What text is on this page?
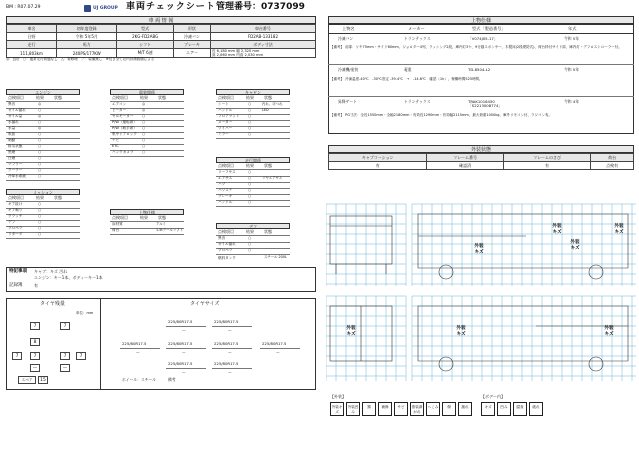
BM : R07.07.29	UJ GROUP 車両チェックシート 管理番号：0737099
車 両 情 報
車名	初年度登録	型式	形状	車台番号
日野	令和 5年5月	2KG-FD2ABG	冷凍バン	FD2AB-133182
走行	馬力	シフト	ブレーキ	ボディ寸法
111,803km	240PS/177KW	M/T 6速	エアー	長 6,180 mm 幅 2,320 mm
高 2,060 mm 内高 2,030 mm
◎：良好　○：通常走行問題なし　△：要修理　／：装備無し　※長さ全て社内計測数値による
エンジン
点検項目	結果	状態
異音	◎
オイル漏れ	○
オイル量	◎
水漏れ	○
水量	◎
吹抜	○
始動	○
排気状態	○
黒煙	○
白煙	○
マフラー	○
クーラー	○
冷却水系統	○
電装関係
点検項目	結果	状態
エアコン	◎
ヒーター	◎
セルモーター ○
P/W（運転席） ○
P/W（助手席） ○
集中ドアロック ○
ナビ	○
ETC	○
バックカメラ ○
キャビン
点検項目	結果	状態
シート	○	汚れ、ほつれ
ハンドル	○	LED
フロアマット ○
メーター	○
ワイパー	○
ミラー	○
ミッション
点検項目	結果	状態
ギア抜け	○
ギア鳴り	○
クラッチ	○
デフ	○
プロペラ	○
リターダ	○
走行関係
点検項目	結果	状態
リーフサス	○
エアサス	○	リヤエアサス
ハブ	○
パワステ	○
ブレーキ	○
ハンドル	○
上物仕様
点検項目	結果	状態
床材質	アルミ
荷台	1.5tテールリフト
デフ
点検項目	結果	状態
異音	○
オイル漏れ	○
プロペラ	○
燃料タンク	スチール 200L
特記事項 キャブ：キズ 汚れ
エンジン：キー1本、ボディーキー1本
記録簿	有
タイヤ残量
単位：mm
7	7
8
7	7	7	7
—	—
スペア	15
タイヤサイズ
225/80R17.5
—
225/80R17.5
—
225/80R17.5
—
225/80R17.5
—
225/80R17.5
—
225/80R17.5
—
225/80R17.5
—
225/80R17.5
—
ホイール：スチール	備考
上物仕様
上物名	メーカー	型式「製造番号」	年式
冷凍バン	トランテックス	「V074J05-17」	令和 5年
【備考】 前扉：リヤ75mm・サイド60mm、ジョロダー4列、ラッシング2段、庫内灯3ケ、9分割スポンサー、木製床(2段堤防式)、荷台枠付サイド扉、庫内灯・デフロストローラー付。
冷凍機/塗装	菱重	TD-8504-L2	令和 5年
【備考】 冷凍温度-40℃　-30℃設定 -39.4℃　→　-14.6℃　確認（1h）、稼働時間525時間。
昇降ゲート	トランテックス	TRAK1016450
「S2213008774」
令和 4年
【備考】 PG寸法：全長1550mm・全幅2180mm・有効長1290mm・有効幅2115mm、最大荷重1000kg、庫外リモコン付、ラジコン有。
外装状態
キャブコーション	フレーム番号	フレームのさび	荷台
有	確認済	有	点検有
外装
キズ
外装
キズ
外装
キズ
外装
キズ
外装
キズ
外装
キズ
外装
キズ
【外装】	【ボデー内】
外装キズ
外装凹み
錆	補修	サビ	塗装剥がれ
へこみ	傷	割れ	キズ	凹み	腐食	破れ
